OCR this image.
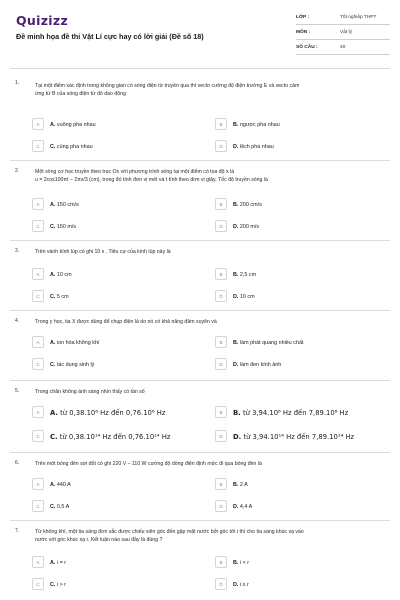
Quizizz
Đề minh họa đề thi Vật Lí cực hay có lời giải (Đề số 18)
LỚP :	Tốt nghiệp THPT
MÔN :	Vật lý
SỐ CÂU :	40
1.	Tại một điểm xác định trong không gian có sóng điện từ truyền qua thì vecto cường độ điện trường E và vecto cảm
ứng từ B của sóng điện từ đó dao động
A	A. vuông pha nhau	B	B. ngược pha nhau
C	C. cùng pha nhau	D	D. lệch pha nhau
2.	Một sóng cơ học truyền theo trục Ox với phương trình sóng tại một điểm có tọa độ x là
u = 2cos100πt − 2πx/3 (cm), trong đó tính đơn vị mét và t tính theo đơn vị giây. Tốc độ truyền sóng là
A	A. 150 cm/s	B	B. 200 cm/s
C	C. 150 m/s	D	D. 200 m/s
3.	Trên vành kính lúp có ghi 10 x . Tiêu cự của kính lúp này là
A	A. 10 cm	B	B. 2,5 cm
C	C. 5 cm	D	D. 10 cm
4.	Trong y học, tia X được dùng để chụp điện là do nó có khả năng đâm xuyên và
A	A. ion hóa không khí	B	B. làm phát quang nhiều chất
C	C. tác dụng sinh lý	D	D. làm đen kính ảnh
5.	Trong chân không ánh sáng nhìn thấy có tần số
A	A. từ 0,38.10⁶ Hz đến 0,76.10⁶ Hz	B	B. từ 3,94.10⁸ Hz đến 7,89.10⁸ Hz
C	C. từ 0,38.10¹⁴ Hz đến 0,76.10¹⁴ Hz	D	D. từ 3,94.10¹⁴ Hz đến 7,89.10¹⁴ Hz
6.	Trên một bóng đèn sợi đốt có ghi 220 V – 110 W cường độ dòng điện định mức đi qua bóng đèn là
A	A. 440 A	B	B. 2 A
C	C. 0,5 A	D	D. 4,4 A
7.	Từ không khí, một tia sáng đơn sắc được chiếu xiên góc đến gặp mặt nước bởi góc tới i thì cho tia sáng khúc xạ vào
nước với góc khúc xạ r. Kết luận nào sau đây là đúng ?
A	A. i = r	B	B. i < r
C	C. i > r	D	D. i ≤ r
